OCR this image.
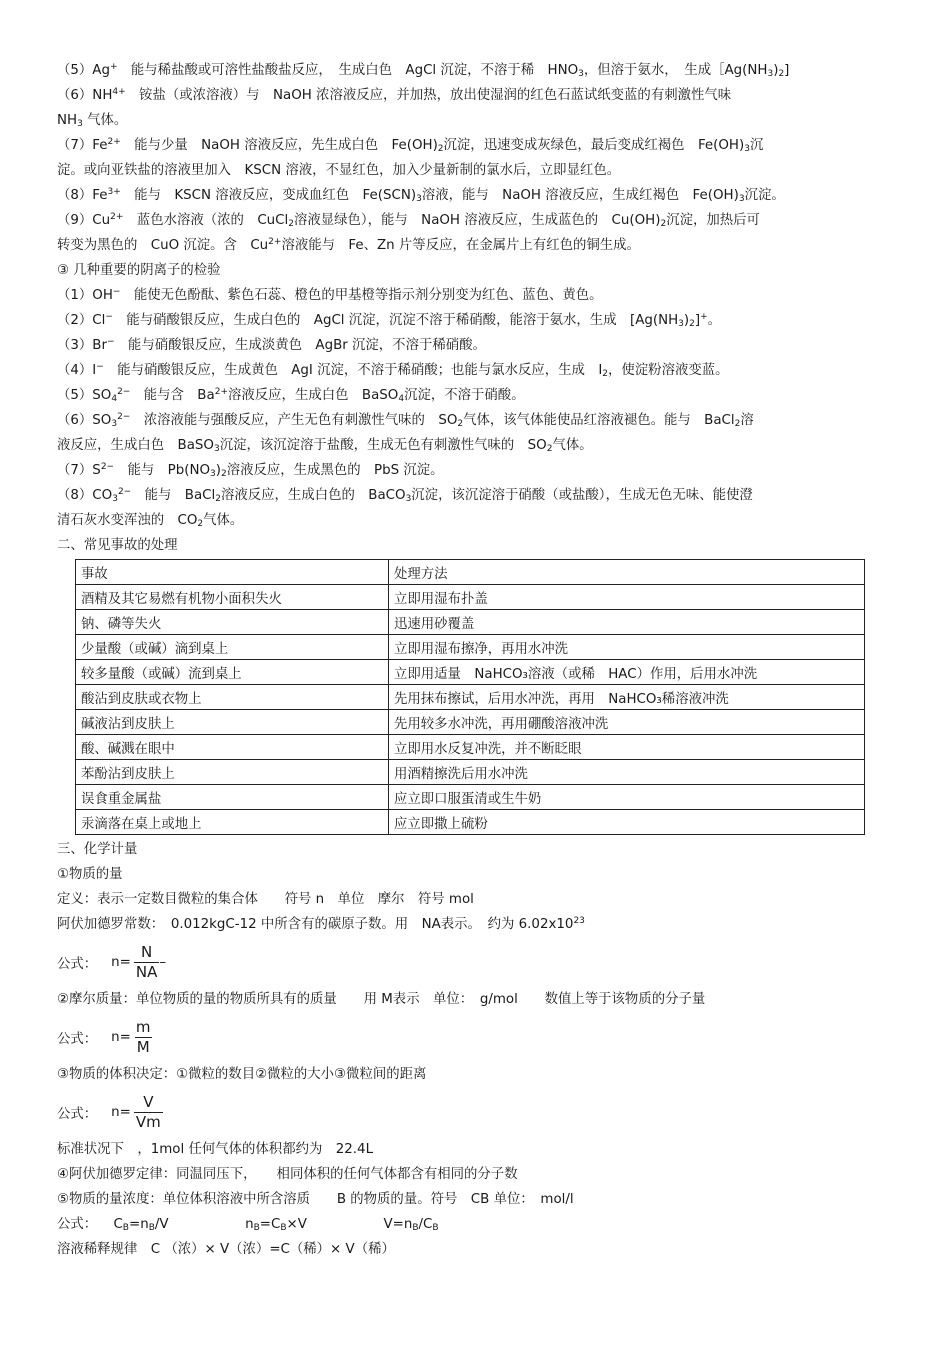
（5）Ag+　能与稀盐酸或可溶性盐酸盐反应，　生成白色　AgCl 沉淀，不溶于稀　$HNO_3$，但溶于氨水，　生成$[Ag(NH_3)_2$]
$(6)NH^{4+}$　铵盐（或浓溶液）与　NaOH 浓溶液反应，并加热，放出使湿润的红色石蓝试纸变蓝的有刺激性气味
$NH_3$ 气体。
$(7)Fe^{2+}$　能与少量　NaOH 溶液反应，先生成白色　$Fe(OH)_2$沉淀，迅速变成灰绿色，最后变成红褐色　$Fe(OH)_3$沉
淀。或向亚铁盐的溶液里加入　KSCN 溶液，不显红色，加入少量新制的氯水后，立即显红色。
$(8)Fe^{3+}$　能与　KSCN 溶液反应，变成血红色　$Fe(SCN)_3$溶液，能与　NaOH 溶液反应，生成红褐色　$Fe(OH)_3$沉淀。
$(9)Cu^{2+}$　蓝色水溶液（浓的　CuCl$_2$溶液显绿色），能与　NaOH 溶液反应，生成蓝色的　$Cu(OH)_2$沉淀，加热后可
转变为黑色的　CuO 沉淀。含　$Cu^{2+}$溶液能与　Fe、Zn 片等反应，在金属片上有红色的铜生成。
③ 几种重要的阴离子的检验
（1）OH−　能使无色酚酞、紫色石蕊、橙色的甲基橙等指示剂分别变为红色、蓝色、黄色。
（2）Cl−　能与硝酸银反应，生成白色的　AgCl 沉淀，沉淀不溶于稀硝酸，能溶于氨水，生成　$[Ag(NH_3)_2]^+$。
（3）Br−　能与硝酸银反应，生成淡黄色　AgBr 沉淀，不溶于稀硝酸。
（4）I−　能与硝酸银反应，生成黄色　AgI 沉淀，不溶于稀硝酸；也能与氯水反应，生成　$I_2$，使淀粉溶液变蓝。
$(5)SO_4^{2-}$　能与含　$Ba^{2+}$溶液反应，生成白色　BaSO$_4$沉淀，不溶于硝酸。
$(6)SO_3^{2-}$　浓溶液能与强酸反应，产生无色有刺激性气味的　$SO_2$气体，该气体能使品红溶液褪色。能与　BaCl$_2$溶
液反应，生成白色　BaSO$_3$沉淀，该沉淀溶于盐酸，生成无色有刺激性气味的　$SO_2$气体。
$(7)S^{2-}$　能与　$Pb(NO_3)_2$溶液反应，生成黑色的　PbS 沉淀。
$(8)CO_3^{2-}$　能与　BaCl$_2$溶液反应，生成白色的　BaCO$_3$沉淀，该沉淀溶于硝酸（或盐酸），生成无色无味、能使澄
清石灰水变浑浊的　$CO_2$气体。
二、常见事故的处理
事故	处理方法
酒精及其它易燃有机物小面积失火	立即用湿布扑盖
钠、磷等失火	迅速用砂覆盖
少量酸（或碱）滴到桌上	立即用湿布擦净，再用水冲洗
较多量酸（或碱）流到桌上	立即用适量　NaHCO₃溶液（或稀　HAC）作用，后用水冲洗
酸沾到皮肤或衣物上	先用抹布擦试，后用水冲洗，再用　NaHCO₃稀溶液冲洗
碱液沾到皮肤上	先用较多水冲洗，再用硼酸溶液冲洗
酸、碱溅在眼中	立即用水反复冲洗，并不断眨眼
苯酚沾到皮肤上	用酒精擦洗后用水冲洗
误食重金属盐	应立即口服蛋清或生牛奶
汞滴落在桌上或地上	应立即撒上硫粉
三、化学计量
①物质的量
定义：表示一定数目微粒的集合体　　符号 n　单位　摩尔　符号 mol
阿伏加德罗常数：　0.012kgC-12 中所含有的碳原子数。用　NA表示。　约为 $6.02x10^{23}$
公式： $n= \frac{N}{NA}$ –
②摩尔质量：单位物质的量的物质所具有的质量　　用 M表示　单位：　g/mol　　数值上等于该物质的分子量
公式： $n= \frac{m}{M}$
③物质的体积决定：①微粒的数目②微粒的大小③微粒间的距离
公式： $n= \frac{V}{Vm}$
标准状况下　，1mol 任何气体的体积都约为　22.4L
④阿伏加德罗定律：同温同压下，　　相同体积的任何气体都含有相同的分子数
⑤物质的量浓度：单位体积溶液中所含溶质　　B 的物质的量。符号　CB 单位：　mol/l
公式： $C_B=n_B/V$	$n_B=C_B\times V$	$V=n_B/C_B$
溶液稀释规律　C （浓）× V（浓）=C（稀）× V（稀）
